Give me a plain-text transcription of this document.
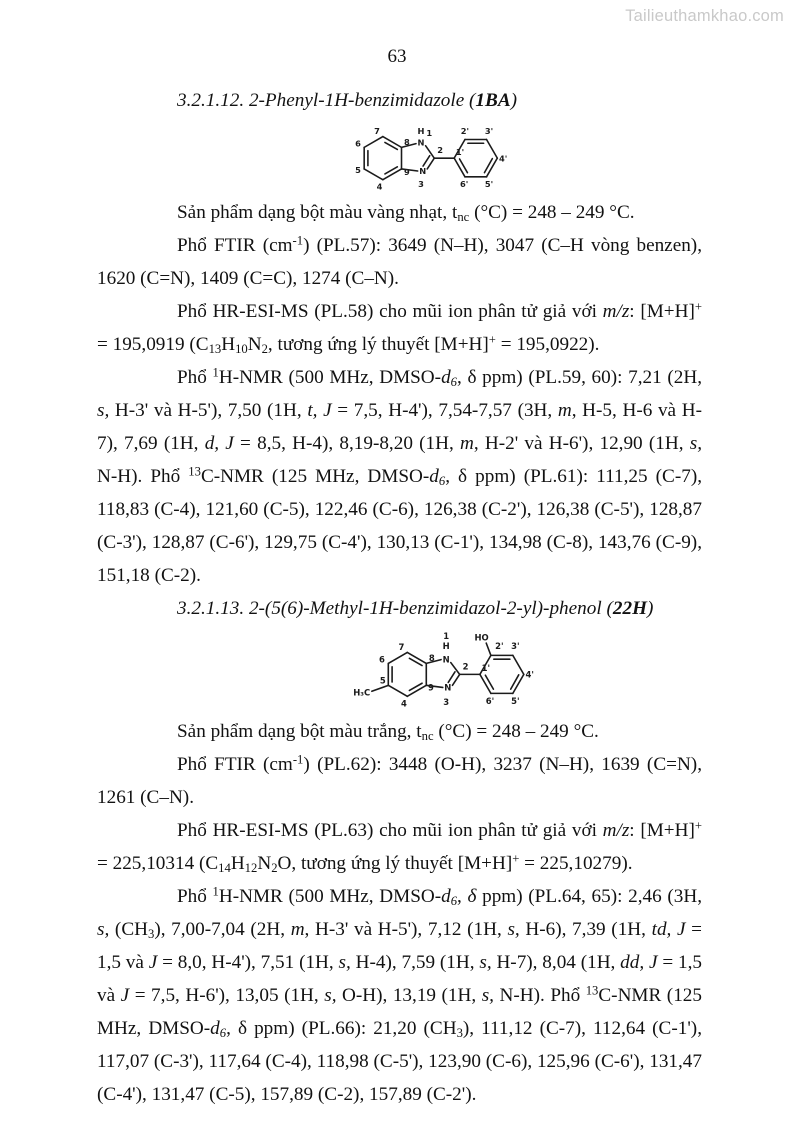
Tailieuthamkhao.com
63

3.2.1.12. 2-Phenyl-1H-benzimidazole (1BA)

7
6
5
4
8
9
H 1
N
2
N
3
1'
2' 3'
4'
5'
6'

Sản phẩm dạng bột màu vàng nhạt, $t_{nc}$ (°C) = 248 – 249 °C.

Phổ FTIR $(cm^{-1})$ (PL.57): 3649 (N–H), 3047 (C–H vòng benzen), 1620 (C=N), 1409 (C=C), 1274 (C–N).

Phổ HR-ESI-MS (PL.58) cho mũi ion phân tử giả với m/z: [M+H]+ = 195,0919 ($C_{13}H_{10}N_2$, tương ứng lý thuyết [M+H]+ = 195,0922).

Phổ $^1$H-NMR (500 MHz, DMSO-$d_6$, δ ppm) (PL.59, 60): 7,21 (2H, s, H-3' và H-5'), 7,50 (1H, t, J = 7,5, H-4'), 7,54-7,57 (3H, m, H-5, H-6 và H-7), 7,69 (1H, d, J = 8,5, H-4), 8,19-8,20 (1H, m, H-2' và H-6'), 12,90 (1H, s, N-H). Phổ $^{13}$C-NMR (125 MHz, DMSO-$d_6$, δ ppm) (PL.61): 111,25 (C-7), 118,83 (C-4), 121,60 (C-5), 122,46 (C-6), 126,38 (C-2'), 126,38 (C-5'), 128,87 (C-3'), 128,87 (C-6'), 129,75 (C-4'), 130,13 (C-1'), 134,98 (C-8), 143,76 (C-9), 151,18 (C-2).

3.2.1.13. 2-(5(6)-Methyl-1H-benzimidazol-2-yl)-phenol (22H)

7
6
5
4
8
9
H₃C
1
H
N
2
N
3
1'
HO
2' 3'
4'
5'
6'

Sản phẩm dạng bột màu trắng, $t_{nc}$ (°C) = 248 – 249 °C.

Phổ FTIR $(cm^{-1})$ (PL.62): 3448 (O-H), 3237 (N–H), 1639 (C=N), 1261 (C–N).

Phổ HR-ESI-MS (PL.63) cho mũi ion phân tử giả với m/z: [M+H]+ = 225,10314 ($C_{14}H_{12}N_2O$, tương ứng lý thuyết [M+H]+ = 225,10279).

Phổ $^1$H-NMR (500 MHz, DMSO-$d_6$, δ ppm) (PL.64, 65): 2,46 (3H, s, $(CH_3)$, 7,00-7,04 (2H, m, H-3' và H-5'), 7,12 (1H, s, H-6), 7,39 (1H, td, J = 1,5 và J = 8,0, H-4'), 7,51 (1H, s, H-4), 7,59 (1H, s, H-7), 8,04 (1H, dd, J = 1,5 và J = 7,5, H-6'), 13,05 (1H, s, O-H), 13,19 (1H, s, N-H). Phổ $^{13}$C-NMR (125 MHz, DMSO-$d_6$, δ ppm) (PL.66): 21,20 $(CH_3)$, 111,12 (C-7), 112,64 (C-1'), 117,07 (C-3'), 117,64 (C-4), 118,98 (C-5'), 123,90 (C-6), 125,96 (C-6'), 131,47 (C-4'), 131,47 (C-5), 157,89 (C-2), 157,89 (C-2').
